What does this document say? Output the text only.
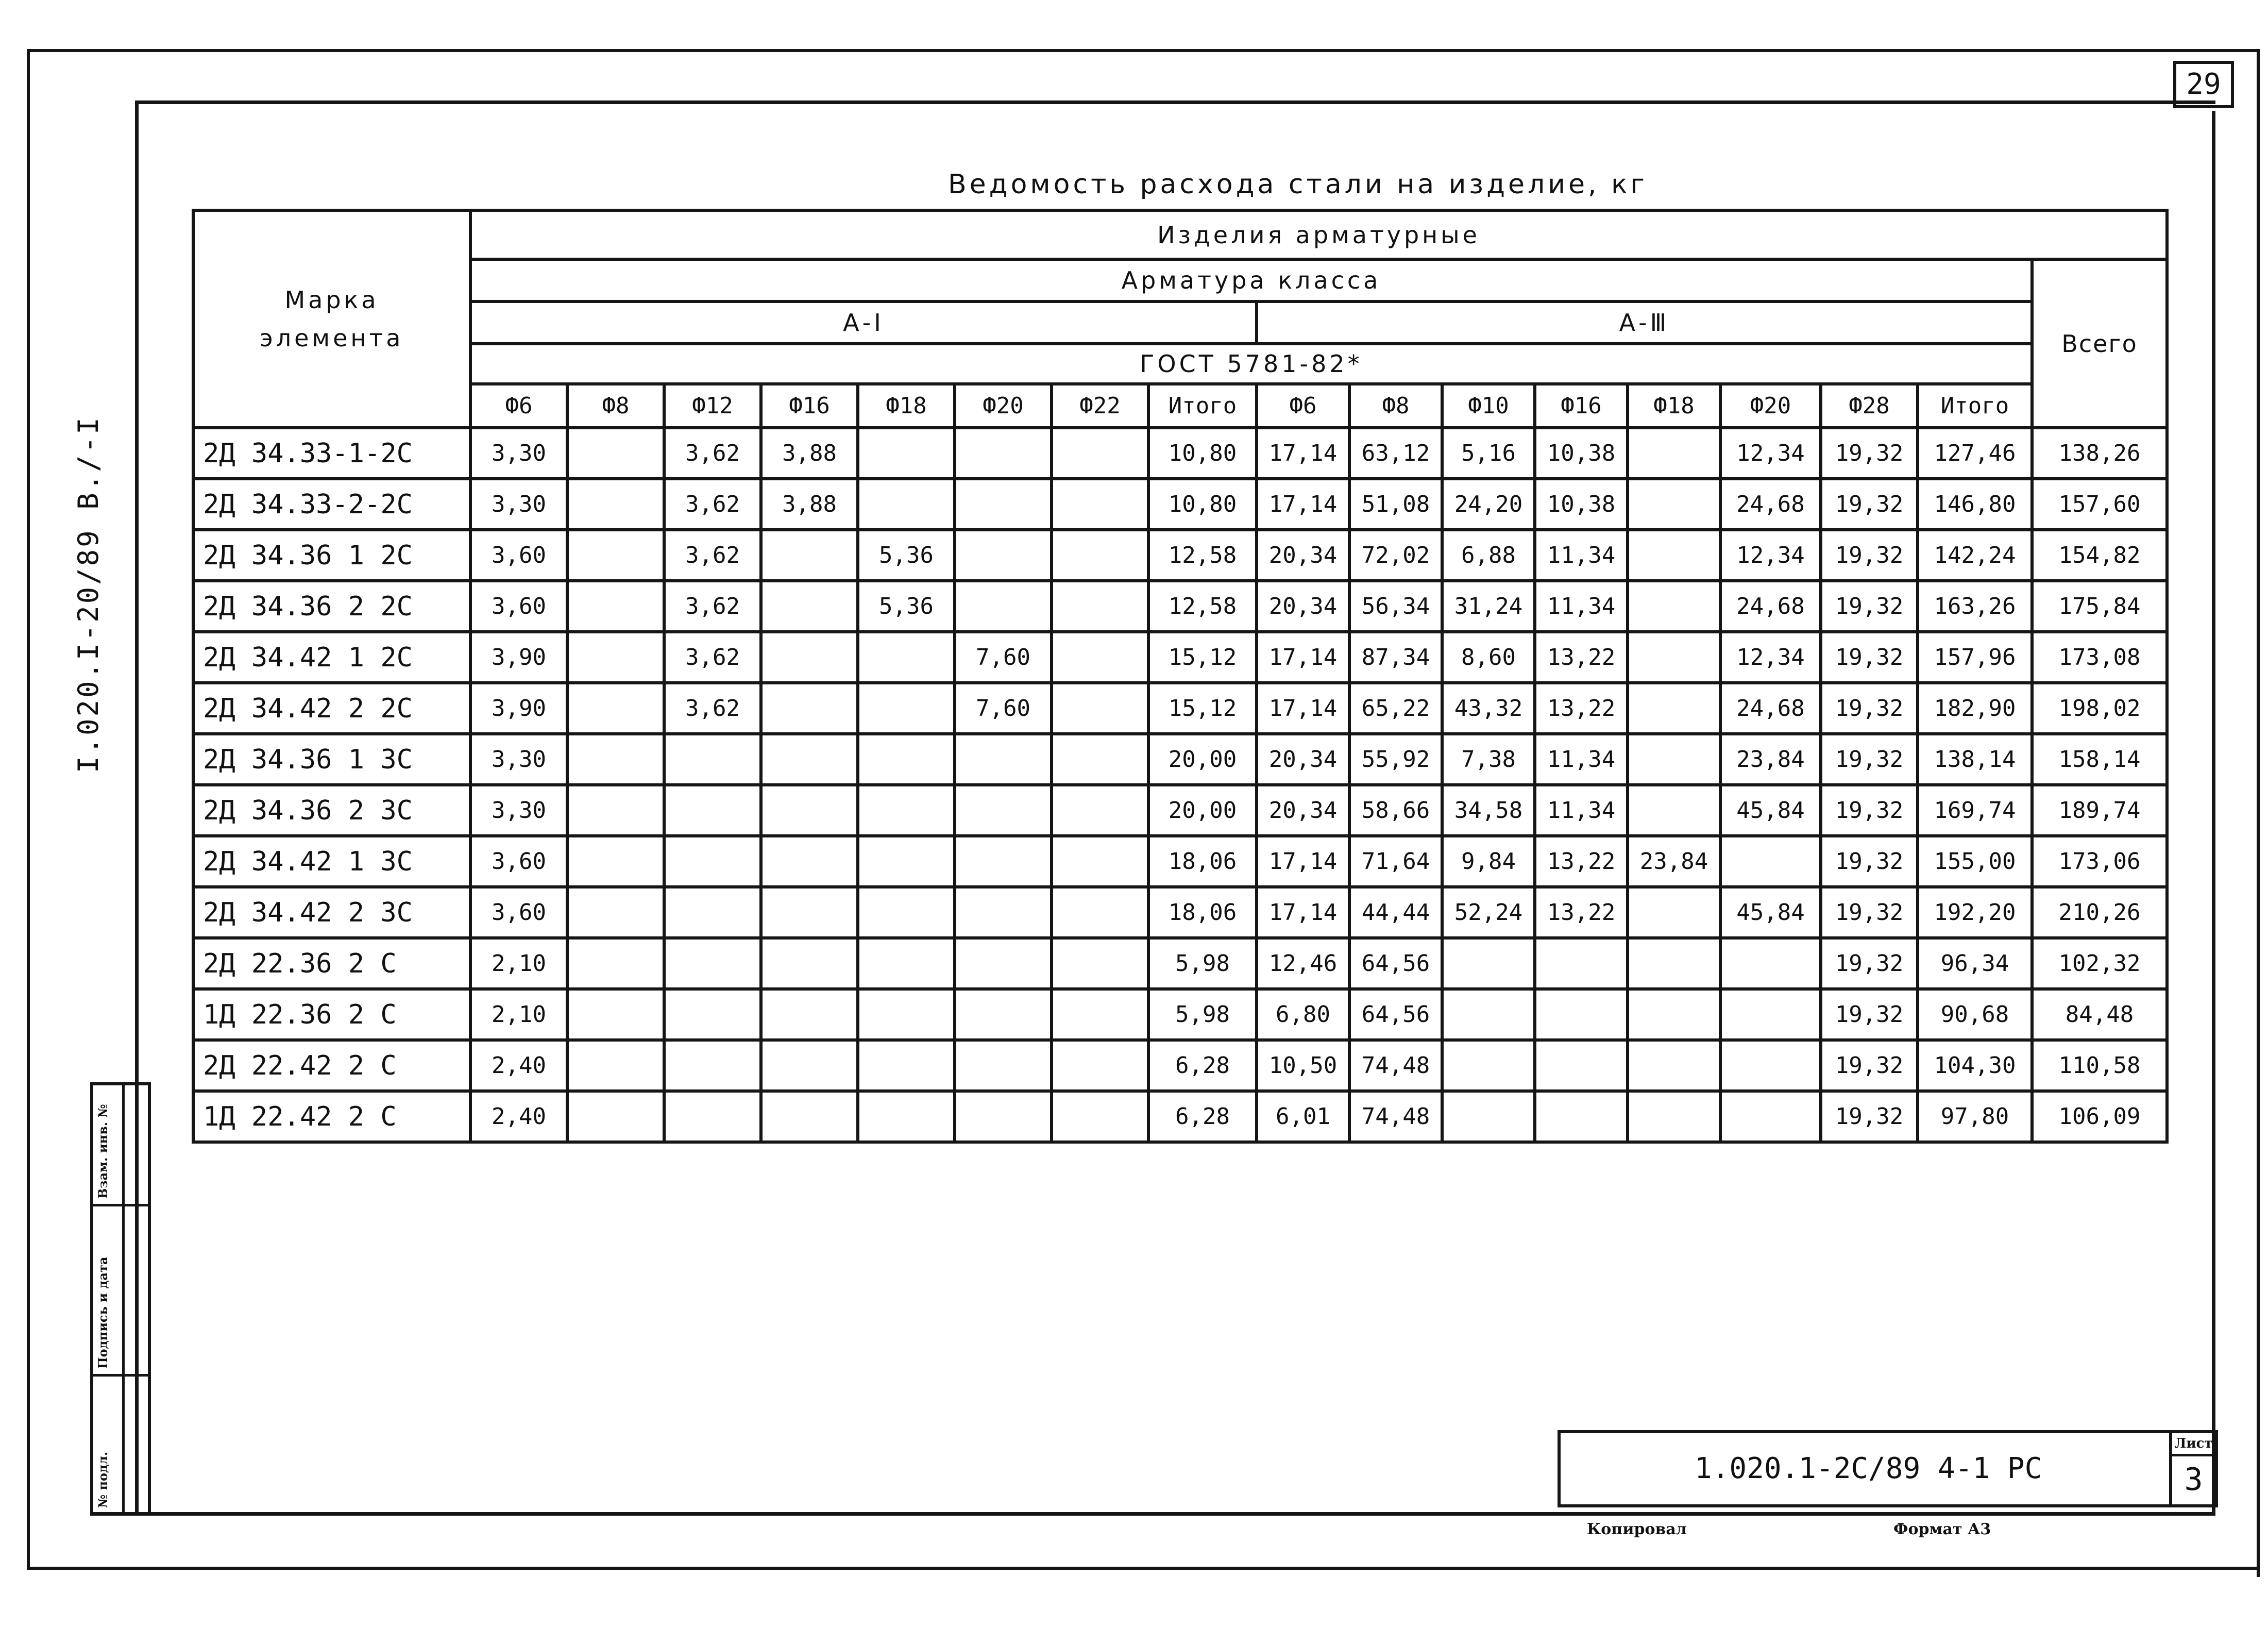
29
I.020.I-20/89 B./-I
Ведомость расхода стали на изделие, кг
Марка
элемента	Изделия арматурные																
	Арматура класса																Всего
	А-I								А-Ⅲ								
	ГОСТ 5781-82*																
	Ф6	Ф8	Ф12	Ф16	Ф18	Ф20	Ф22	Итого	Ф6	Ф8	Ф10	Ф16	Ф18	Ф20	Ф28	Итого	
2Д 34.33-1-2С	3,30		3,62	3,88				10,80	17,14	63,12	5,16	10,38		12,34	19,32	127,46	138,26
2Д 34.33-2-2С	3,30		3,62	3,88				10,80	17,14	51,08	24,20	10,38		24,68	19,32	146,80	157,60
2Д 34.36 1 2С	3,60		3,62		5,36			12,58	20,34	72,02	6,88	11,34		12,34	19,32	142,24	154,82
2Д 34.36 2 2С	3,60		3,62		5,36			12,58	20,34	56,34	31,24	11,34		24,68	19,32	163,26	175,84
2Д 34.42 1 2С	3,90		3,62			7,60		15,12	17,14	87,34	8,60	13,22		12,34	19,32	157,96	173,08
2Д 34.42 2 2С	3,90		3,62			7,60		15,12	17,14	65,22	43,32	13,22		24,68	19,32	182,90	198,02
2Д 34.36 1 3С	3,30							20,00	20,34	55,92	7,38	11,34		23,84	19,32	138,14	158,14
2Д 34.36 2 3С	3,30							20,00	20,34	58,66	34,58	11,34		45,84	19,32	169,74	189,74
2Д 34.42 1 3С	3,60							18,06	17,14	71,64	9,84	13,22	23,84		19,32	155,00	173,06
2Д 34.42 2 3С	3,60							18,06	17,14	44,44	52,24	13,22		45,84	19,32	192,20	210,26
2Д 22.36 2 С	2,10							5,98	12,46	64,56					19,32	96,34	102,32
1Д 22.36 2 С	2,10							5,98	6,80	64,56					19,32	90,68	84,48
2Д 22.42 2 С	2,40							6,28	10,50	74,48					19,32	104,30	110,58
1Д 22.42 2 С	2,40							6,28	6,01	74,48					19,32	97,80	106,09
Взам. инв. №
Подпись и дата
№ подл.	1.020.1-2С/89 4-1 РС
Лист
3
Копировал	Формат А3
